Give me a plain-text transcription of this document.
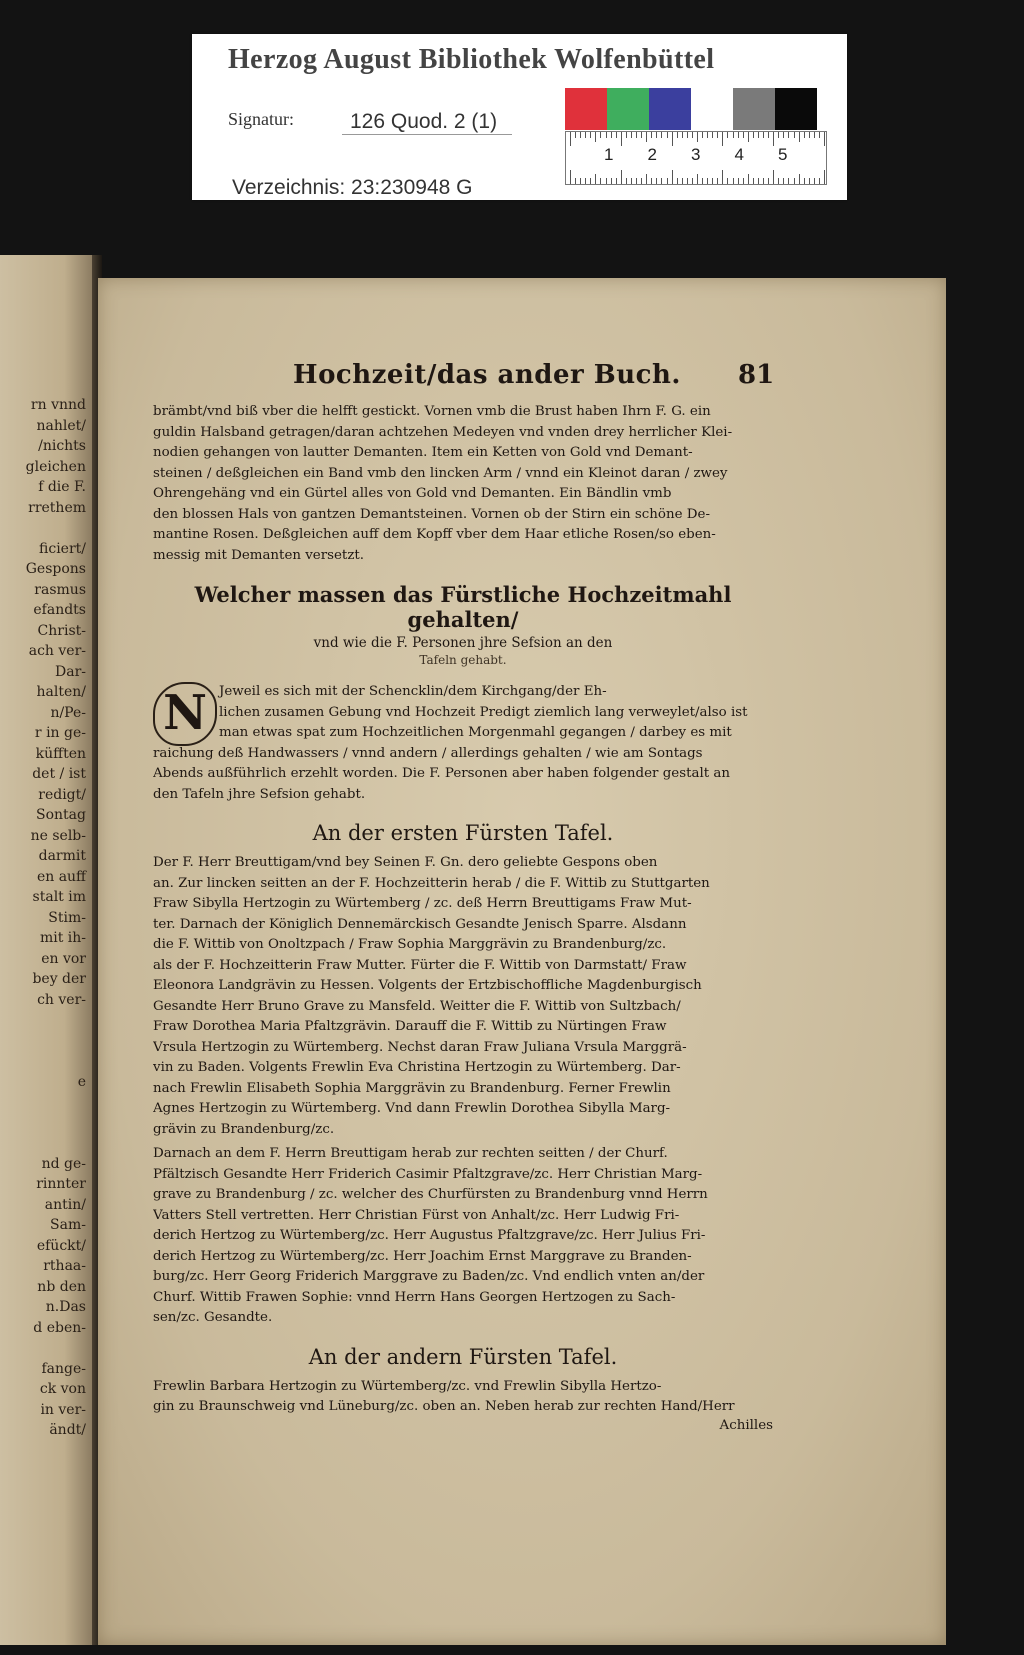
rn vnnd
nahlet/
/nichts
gleichen
f die F.
rrethem

ficiert/
Gespons
rasmus
efandts
Christ-
ach ver-
Dar-
halten/
n/Pe-
r in ge-
küfften
det / ist
redigt/
Sontag
ne selb-
darmit
en auff
stalt im
Stim-
mit ih-
en vor
bey der
ch ver-

e

nd ge-
rinnter
antin/
Sam-
efückt/
rthaa-
nb den
n.Das
d eben-

fange-
ck von
in ver-
ändt/
Hochzeit/das ander Buch. 81

brämbt/vnd biß vber die helfft gestickt. Vornen vmb die Brust haben Ihrn F. G. ein
guldin Halsband getragen/daran achtzehen Medeyen vnd vnden drey herrlicher Klei-
nodien gehangen von lautter Demanten. Item ein Ketten von Gold vnd Demant-
steinen / deßgleichen ein Band vmb den lincken Arm / vnnd ein Kleinot daran / zwey
Ohrengehäng vnd ein Gürtel alles von Gold vnd Demanten. Ein Bändlin vmb
den blossen Hals von gantzen Demantsteinen. Vornen ob der Stirn ein schöne De-
mantine Rosen. Deßgleichen auff dem Kopff vber dem Haar etliche Rosen/so eben-
messig mit Demanten versetzt.

Welcher massen das Fürstliche Hochzeitmahl gehalten/
vnd wie die F. Personen jhre Sefsion an den
Tafeln gehabt.
N Jeweil es sich mit der Schencklin/dem Kirchgang/der Eh-
lichen zusamen Gebung vnd Hochzeit Predigt ziemlich lang verweylet/also ist
man etwas spat zum Hochzeitlichen Morgenmahl gegangen / darbey es mit
raichung deß Handwassers / vnnd andern / allerdings gehalten / wie am Sontags
Abends außführlich erzehlt worden. Die F. Personen aber haben folgender gestalt an
den Tafeln jhre Sefsion gehabt.

An der ersten Fürsten Tafel.

Der F. Herr Breuttigam/vnd bey Seinen F. Gn. dero geliebte Gespons oben
an. Zur lincken seitten an der F. Hochzeitterin herab / die F. Wittib zu Stuttgarten
Fraw Sibylla Hertzogin zu Würtemberg / zc. deß Herrn Breuttigams Fraw Mut-
ter. Darnach der Königlich Dennemärckisch Gesandte Jenisch Sparre. Alsdann
die F. Wittib von Onoltzpach / Fraw Sophia Marggrävin zu Brandenburg/zc.
als der F. Hochzeitterin Fraw Mutter. Fürter die F. Wittib von Darmstatt/ Fraw
Eleonora Landgrävin zu Hessen. Volgents der Ertzbischoffliche Magdenburgisch
Gesandte Herr Bruno Grave zu Mansfeld. Weitter die F. Wittib von Sultzbach/
Fraw Dorothea Maria Pfaltzgrävin. Darauff die F. Wittib zu Nürtingen Fraw
Vrsula Hertzogin zu Würtemberg. Nechst daran Fraw Juliana Vrsula Marggrä-
vin zu Baden. Volgents Frewlin Eva Christina Hertzogin zu Würtemberg. Dar-
nach Frewlin Elisabeth Sophia Marggrävin zu Brandenburg. Ferner Frewlin
Agnes Hertzogin zu Würtemberg. Vnd dann Frewlin Dorothea Sibylla Marg-
grävin zu Brandenburg/zc.

Darnach an dem F. Herrn Breuttigam herab zur rechten seitten / der Churf.
Pfältzisch Gesandte Herr Friderich Casimir Pfaltzgrave/zc. Herr Christian Marg-
grave zu Brandenburg / zc. welcher des Churfürsten zu Brandenburg vnnd Herrn
Vatters Stell vertretten. Herr Christian Fürst von Anhalt/zc. Herr Ludwig Fri-
derich Hertzog zu Würtemberg/zc. Herr Augustus Pfaltzgrave/zc. Herr Julius Fri-
derich Hertzog zu Würtemberg/zc. Herr Joachim Ernst Marggrave zu Branden-
burg/zc. Herr Georg Friderich Marggrave zu Baden/zc. Vnd endlich vnten an/der
Churf. Wittib Frawen Sophie: vnnd Herrn Hans Georgen Hertzogen zu Sach-
sen/zc. Gesandte.

An der andern Fürsten Tafel.

Frewlin Barbara Hertzogin zu Würtemberg/zc. vnd Frewlin Sibylla Hertzo-
gin zu Braunschweig vnd Lüneburg/zc. oben an. Neben herab zur rechten Hand/Herr

Achilles
Herzog August Bibliothek Wolfenbüttel
Signatur:	126 Quod. 2 (1)
Verzeichnis: 23:230948 G
1 2 3 4 5
